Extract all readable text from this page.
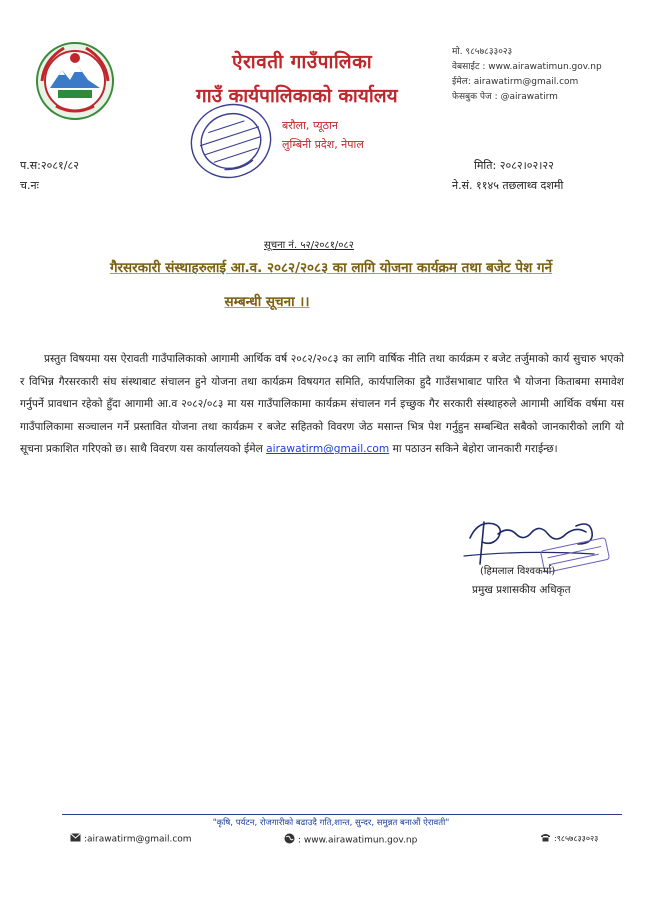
ऐरावती गाउँपालिका
गाउँ कार्यपालिकाको कार्यालय
बरौला, प्यूठान
लुम्बिनी प्रदेश, नेपाल
मो. ९८५७८३३०२३
वेबसाईट : www.airawatimun.gov.np
ईमेल: airawatirm@gmail.com
फेसबुक पेज : @airawatirm
प.स:२०८१/८२
च.नः
मिति: २०८२।०२।२२
ने.सं. ११४५ तछलाथ्व दशमी
सूचना नं. ५२/२०८१/०८२
गैरसरकारी संस्थाहरुलाई आ.व. २०८२/२०८३ का लागि योजना कार्यक्रम तथा बजेट पेश गर्ने
सम्बन्धी सूचना ।।

प्रस्तुत विषयमा यस ऐरावती गाउँपालिकाको आगामी आर्थिक वर्ष २०८२/२०८३ का लागि वार्षिक नीति तथा कार्यक्रम र बजेट तर्जुमाको कार्य सुचारु भएको र विभिन्न गैरसरकारी संघ संस्थाबाट संचालन हुने योजना तथा कार्यक्रम विषयगत समिति, कार्यपालिका हुदै गाउँसभाबाट पारित भै योजना किताबमा समावेश गर्नुपर्ने प्रावधान रहेको हुँदा आगामी आ.व २०८२/०८३ मा यस गाउँपालिकामा कार्यक्रम संचालन गर्न इच्छुक गैर सरकारी संस्थाहरुले आगामी आर्थिक वर्षमा यस गाउँपालिकामा सञ्चालन गर्ने प्रस्तावित योजना तथा कार्यक्रम र बजेट सहितको विवरण जेठ मसान्त भित्र पेश गर्नुहुन सम्बन्धित सबैको जानकारीको लागि यो सूचना प्रकाशित गरिएको छ। साथै विवरण यस कार्यालयको ईमेल airawatirm@gmail.com मा पठाउन सकिने बेहोरा जानकारी गराईन्छ।

(हिमलाल विश्वकर्मा)
प्रमुख प्रशासकीय अधिकृत
"कृषि, पर्यटन, रोजगारीको बढाउदै गति,शान्त, सुन्दर, समुन्नत बनाऔं ऐरावती"
:airawatirm@gmail.com	: www.airawatimun.gov.np	:९८५७८३३०२३
